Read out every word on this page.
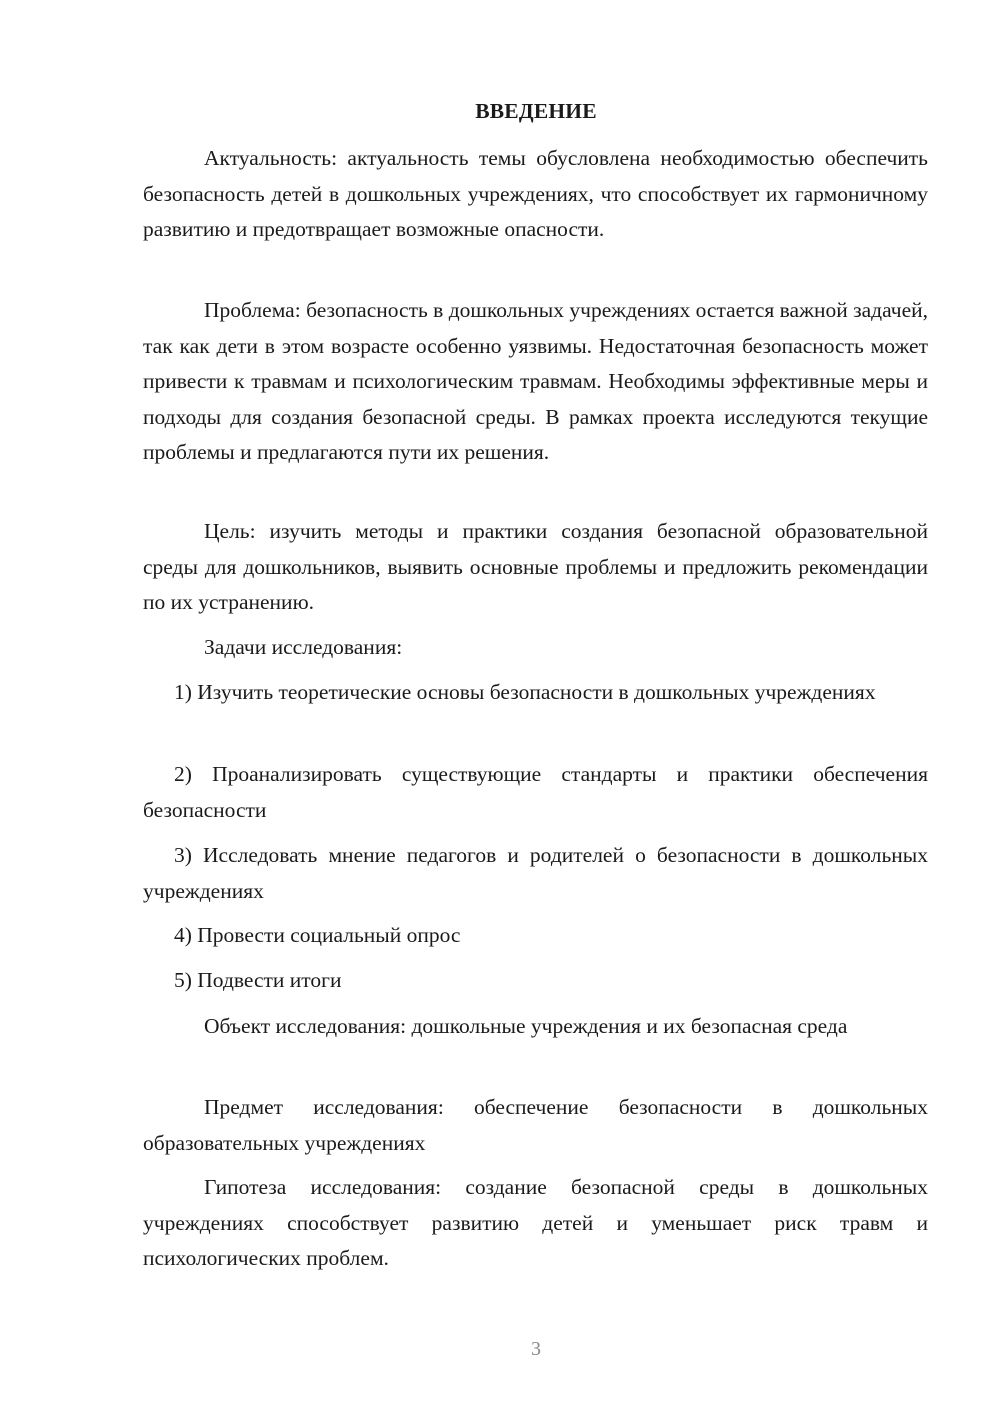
ВВЕДЕНИЕ

Актуальность: актуальность темы обусловлена необходимостью обеспечить безопасность детей в дошкольных учреждениях, что способствует их гармоничному развитию и предотвращает возможные опасности.

Проблема: безопасность в дошкольных учреждениях остается важной задачей, так как дети в этом возрасте особенно уязвимы. Недостаточная безопасность может привести к травмам и психологическим травмам. Необходимы эффективные меры и подходы для создания безопасной среды. В рамках проекта исследуются текущие проблемы и предлагаются пути их решения.

Цель: изучить методы и практики создания безопасной образовательной среды для дошкольников, выявить основные проблемы и предложить рекомендации по их устранению.

Задачи исследования:

1) Изучить теоретические основы безопасности в дошкольных учреждениях

2) Проанализировать существующие стандарты и практики обеспечения безопасности

3) Исследовать мнение педагогов и родителей о безопасности в дошкольных учреждениях

4) Провести социальный опрос

5) Подвести итоги

Объект исследования: дошкольные учреждения и их безопасная среда

Предмет исследования: обеспечение безопасности в дошкольных образовательных учреждениях

Гипотеза исследования: создание безопасной среды в дошкольных учреждениях способствует развитию детей и уменьшает риск травм и психологических проблем.

3
